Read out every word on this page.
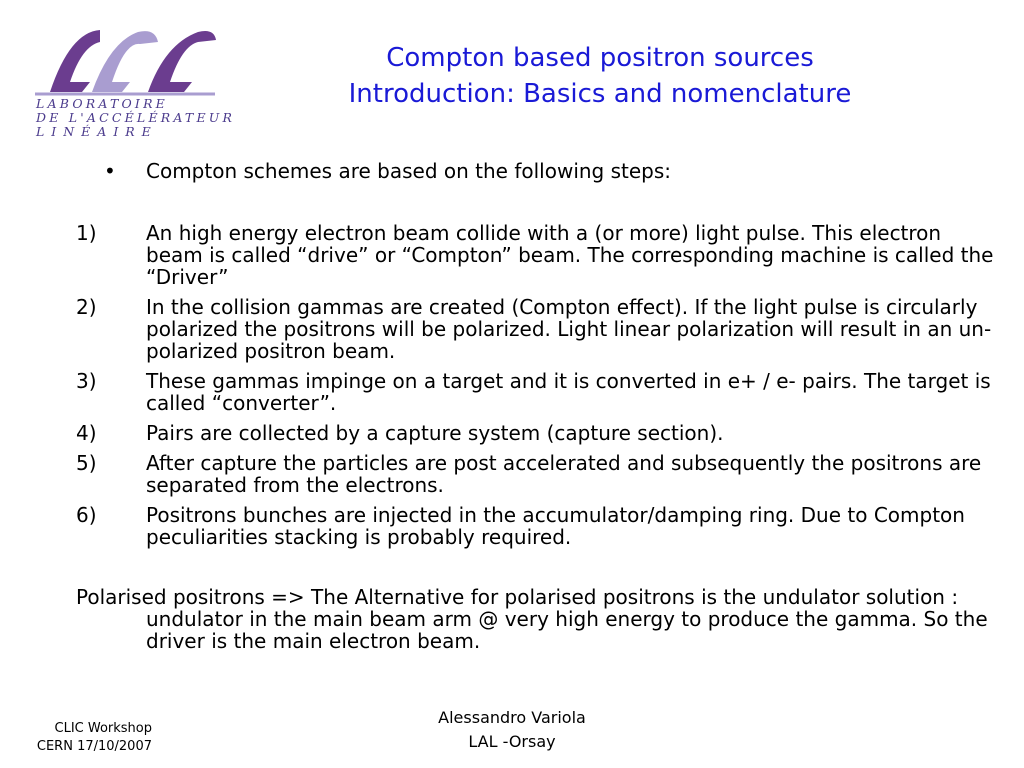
LABORATOIRE
DE L'ACCÉLÉRATEUR
LINÉAIRE
Compton based positron sources
Introduction: Basics and nomenclature
• Compton schemes are based on the following steps:
1) An high energy electron beam collide with a (or more) light pulse. This electron beam is called “drive” or “Compton” beam. The corresponding machine is called the “Driver”
2) In the collision gammas are created (Compton effect). If the light pulse is circularly polarized the positrons will be polarized. Light linear polarization will result in an un-polarized positron beam.
3) These gammas impinge on a target and it is converted in e+ / e- pairs. The target is called “converter”.
4) Pairs are collected by a capture system (capture section).
5) After capture the particles are post accelerated and subsequently the positrons are separated from the electrons.
6) Positrons bunches are injected in the accumulator/damping ring. Due to Compton peculiarities stacking is probably required.
Polarised positrons => The Alternative for polarised positrons is the undulator solution : undulator in the main beam arm @ very high energy to produce the gamma. So the driver is the main electron beam.
CLIC Workshop
CERN 17/10/2007
Alessandro Variola
LAL -Orsay
